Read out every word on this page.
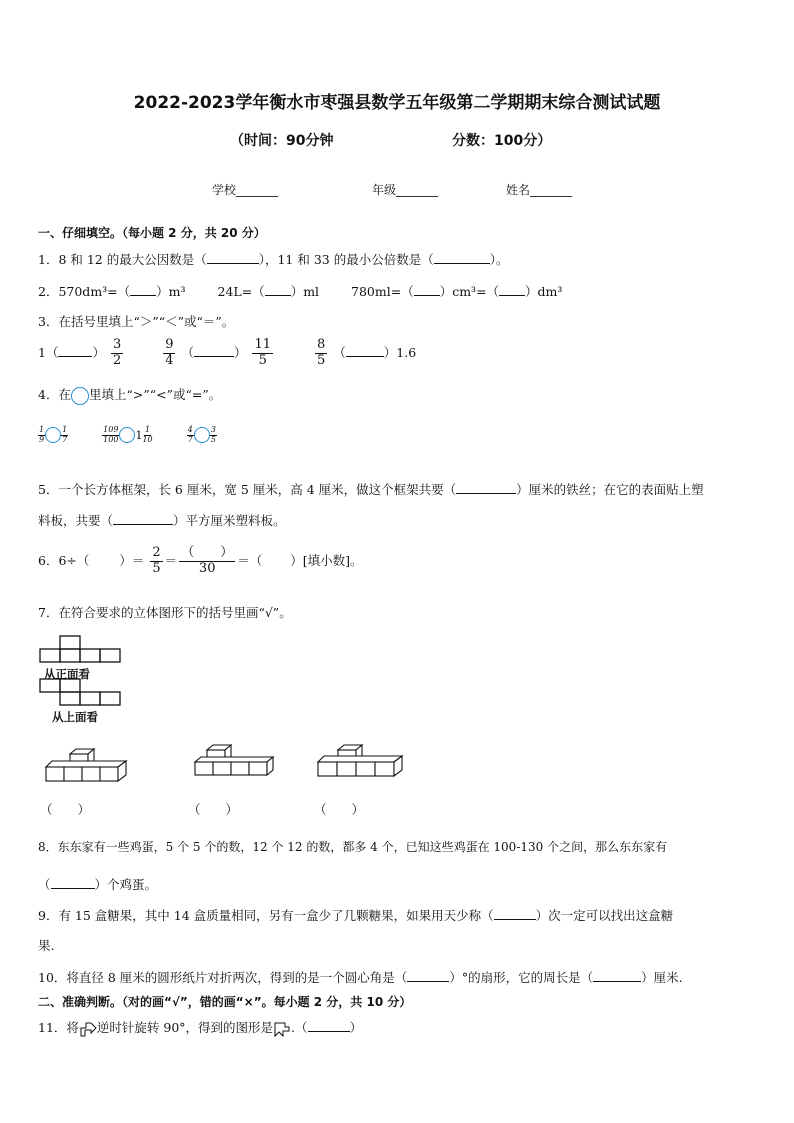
2022-2023学年衡水市枣强县数学五年级第二学期期末综合测试试题
（时间：90分钟	分数：100分）
学校_______	年级_______	姓名_______
一、仔细填空。（每小题 2 分，共 20 分）
1．8 和 12 的最大公因数是（	），11 和 33 的最小公倍数是（	）。
2．570dm³=（ ）m³	24L=（ ）ml	780ml=（ ）cm³=（ ）dm³
3．在括号里填上“＞”“＜”或“＝”。
1（	） $\frac{3}{2}$
	$\frac{9}{4}$ （	） $\frac{11}{5}$
	$\frac{8}{5}$ （	）1.6
4．在 里填上“>”“<”或“=”。
$\frac{1}{9} \frac{1}{7}$
	$\frac{109}{100} 1 \frac{1}{10}$
	$\frac{4}{7} \frac{3}{5}$
5．一个长方体框架，长 6 厘米，宽 5 厘米，高 4 厘米，做这个框架共要（	）厘米的铁丝；在它的表面贴上塑
料板，共要（	）平方厘米塑料板。
6．6÷（ ）＝ $\frac{2}{5} = \frac{( )}{30}$ ＝（ ）[填小数]。
7．在符合要求的立体图形下的括号里画“√”。
从正面看
从上面看
（　　）	（　　）	（　　）
8．东东家有一些鸡蛋，5 个 5 个的数，12 个 12 的数，都多 4 个，已知这些鸡蛋在 100-130 个之间，那么东东家有
（	）个鸡蛋。
9．有 15 盒糖果，其中 14 盒质量相同，另有一盒少了几颗糖果，如果用天少称（	）次一定可以找出这盒糖
果.
10．将直径 8 厘米的圆形纸片对折两次，得到的是一个圆心角是（	）°的扇形，它的周长是（	）厘米.
二、准确判断。（对的画“√”，错的画“×”。每小题 2 分，共 10 分）
11．将 逆时针旋转 90°，得到的图形是 .（	）
